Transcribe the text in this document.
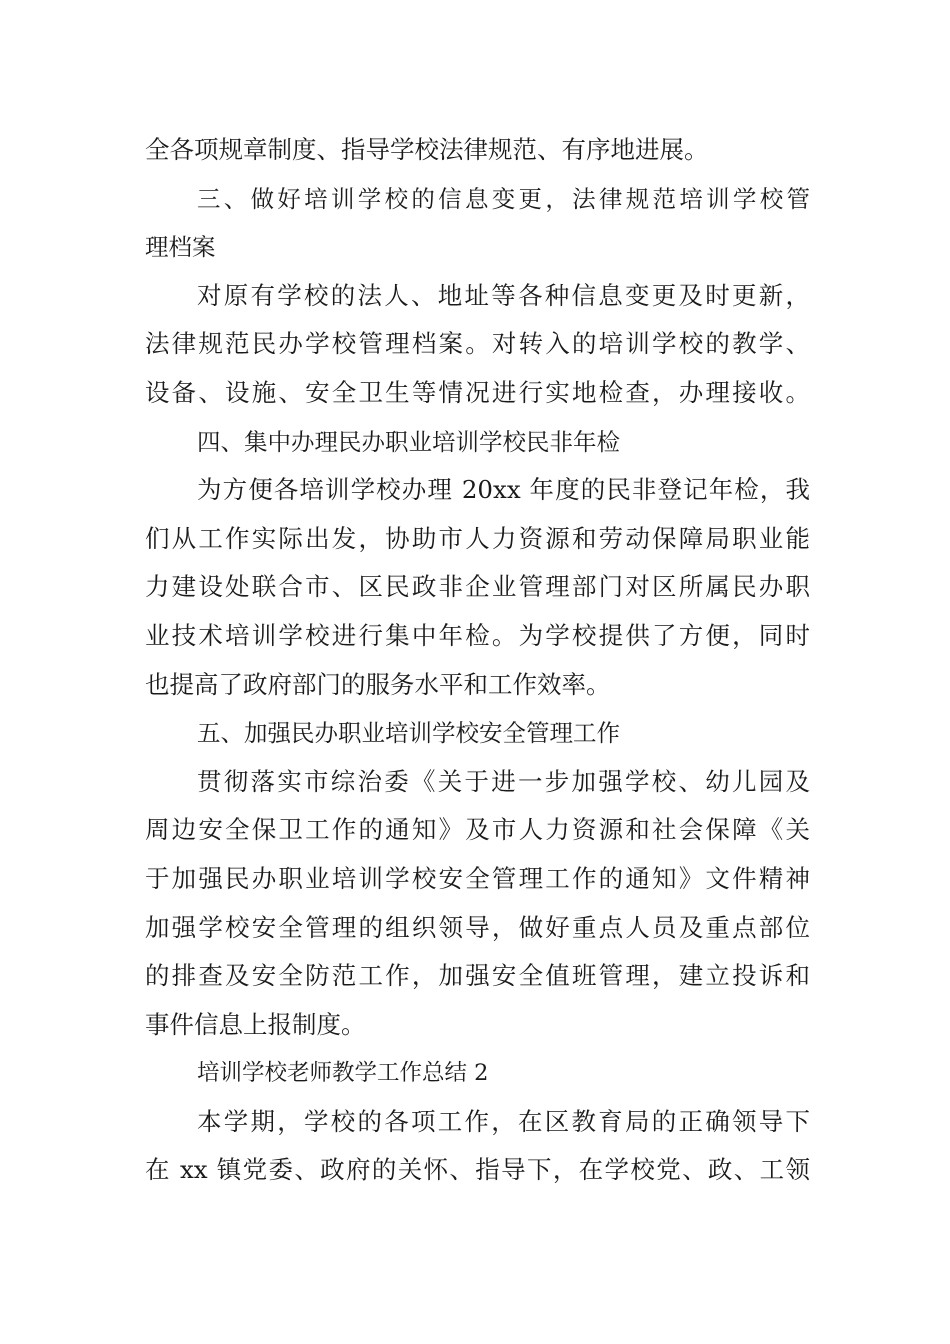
全各项规章制度、指导学校法律规范、有序地进展。
三、做好培训学校的信息变更，法律规范培训学校管
理档案
对原有学校的法人、地址等各种信息变更及时更新，
法律规范民办学校管理档案。对转入的培训学校的教学、
设备、设施、安全卫生等情况进行实地检查，办理接收。
四、集中办理民办职业培训学校民非年检
为方便各培训学校办理 20xx 年度的民非登记年检，我
们从工作实际出发，协助市人力资源和劳动保障局职业能
力建设处联合市、区民政非企业管理部门对区所属民办职
业技术培训学校进行集中年检。为学校提供了方便，同时
也提高了政府部门的服务水平和工作效率。
五、加强民办职业培训学校安全管理工作
贯彻落实市综治委《关于进一步加强学校、幼儿园及
周边安全保卫工作的通知》及市人力资源和社会保障《关
于加强民办职业培训学校安全管理工作的通知》文件精神
加强学校安全管理的组织领导，做好重点人员及重点部位
的排查及安全防范工作，加强安全值班管理，建立投诉和
事件信息上报制度。
培训学校老师教学工作总结 2
本学期，学校的各项工作，在区教育局的正确领导下
在 xx 镇党委、政府的关怀、指导下，在学校党、政、工领
